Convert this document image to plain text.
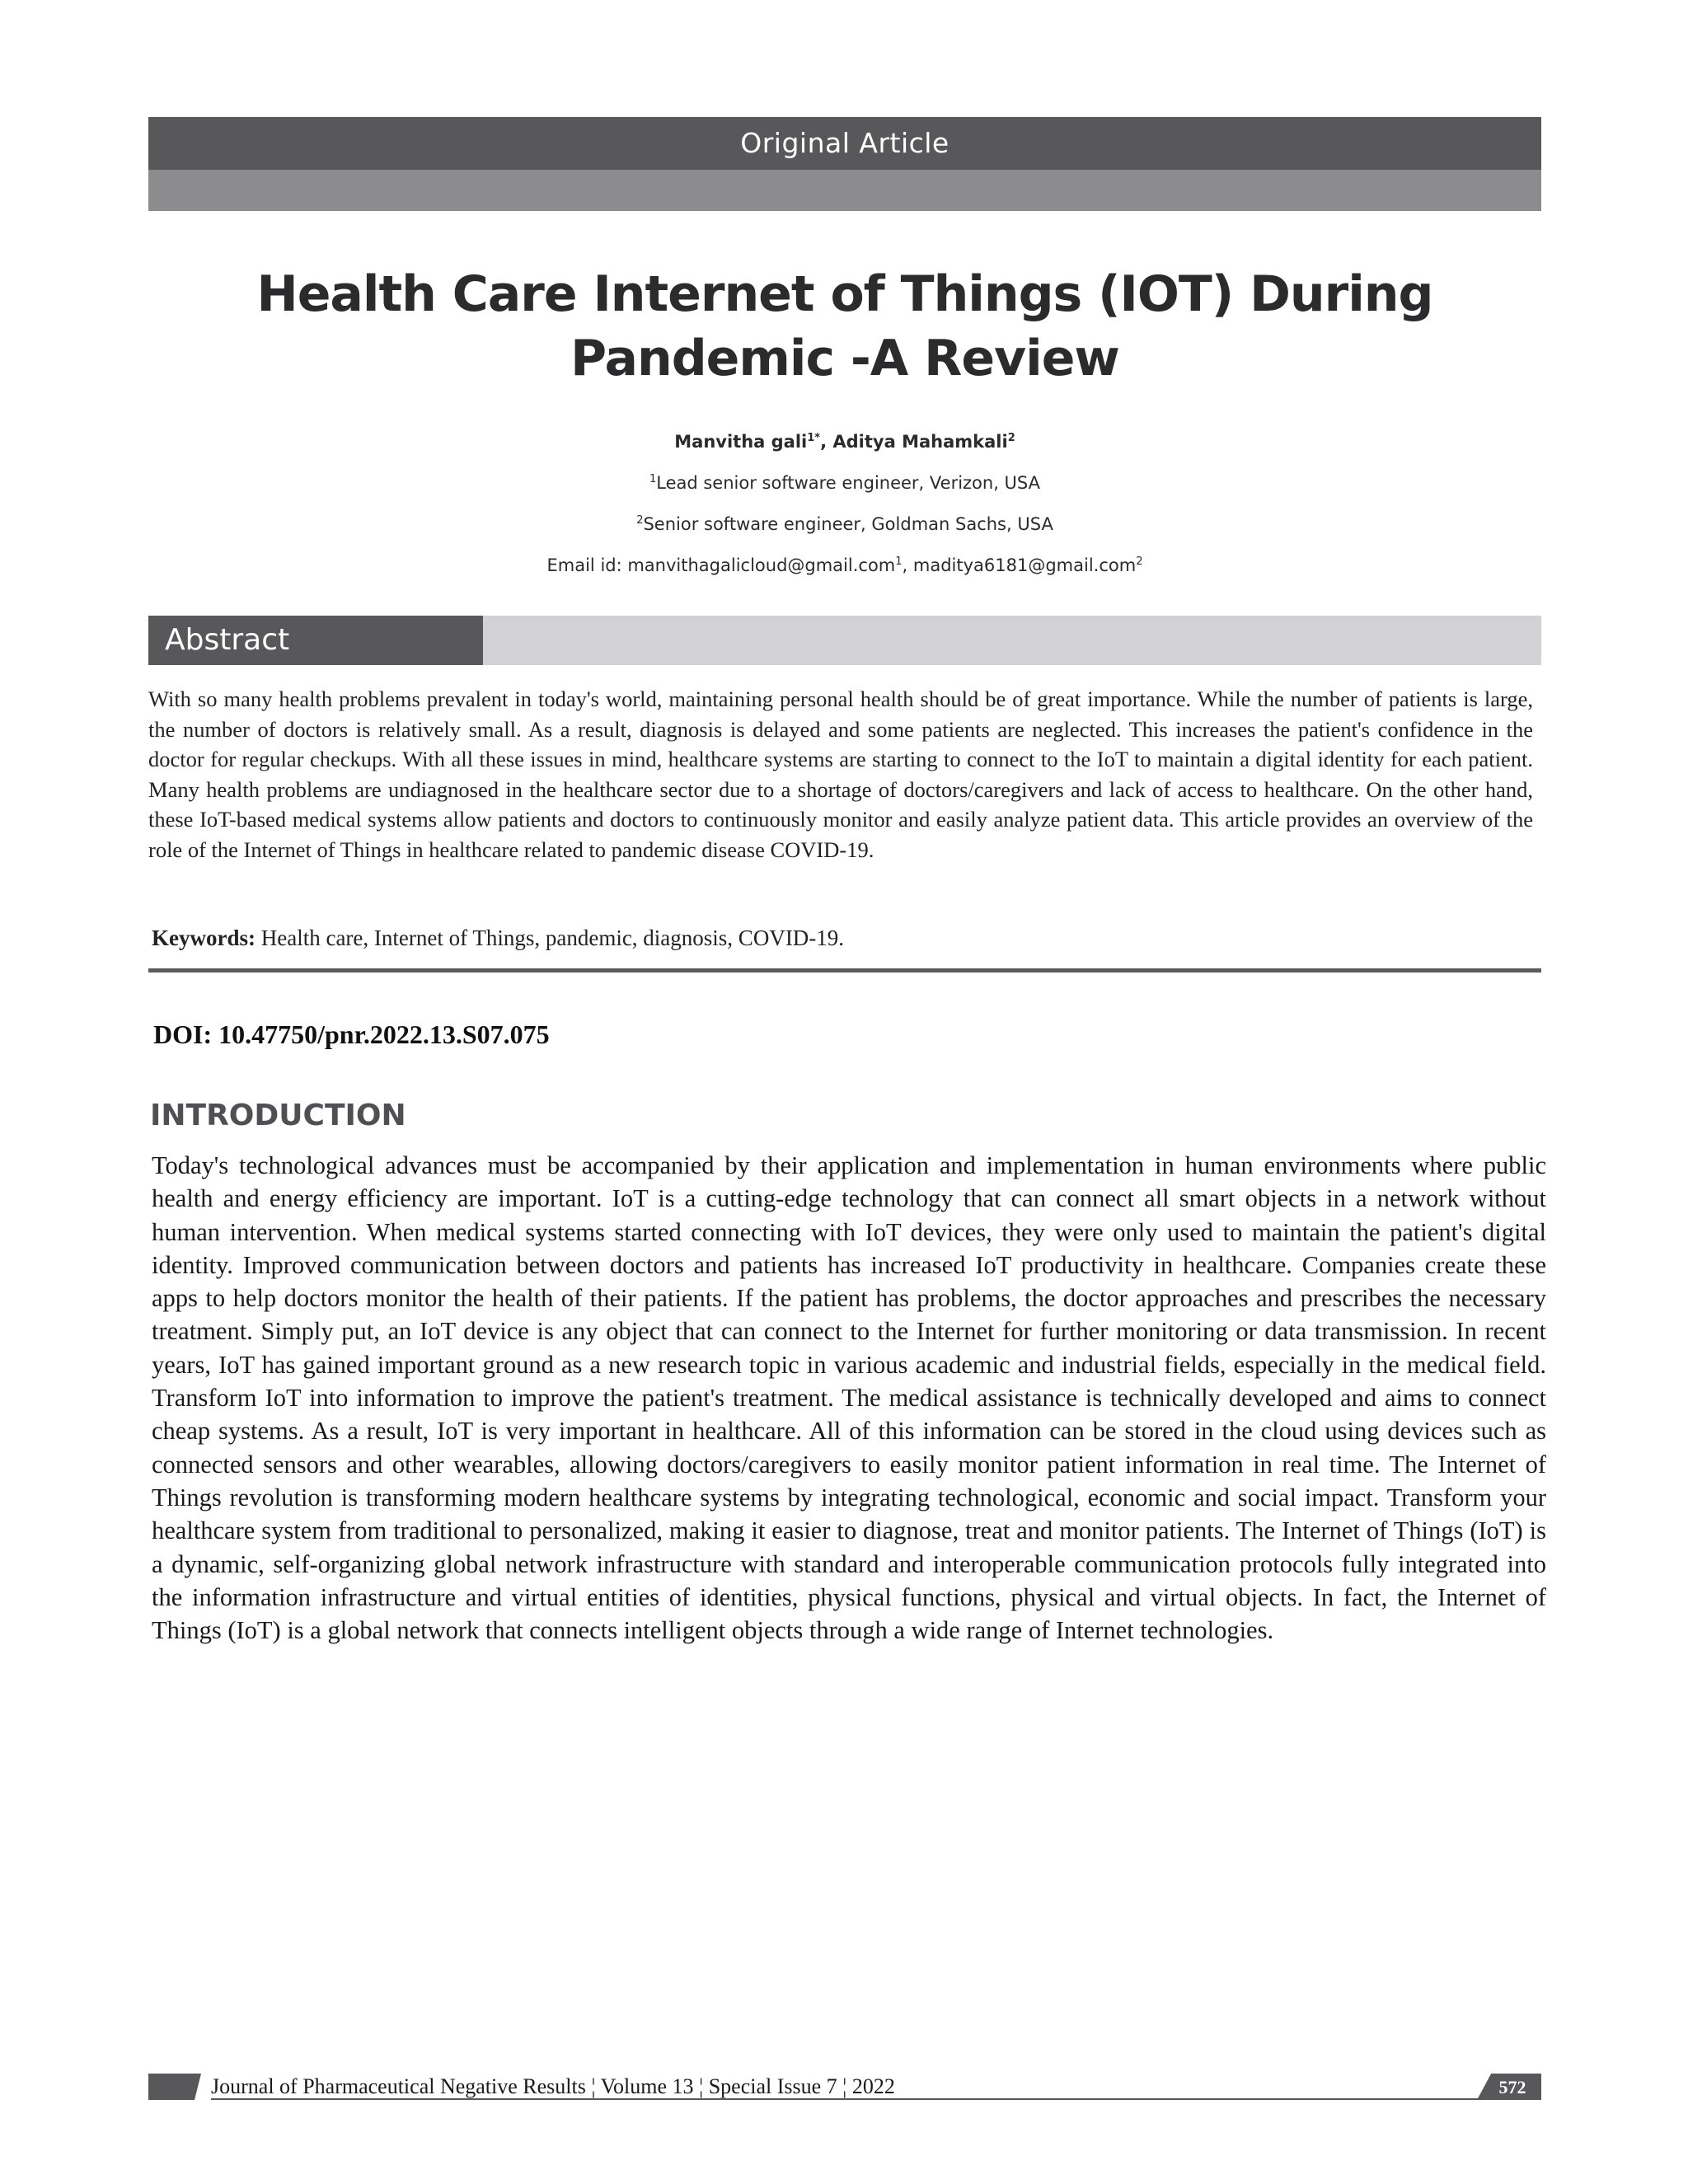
Original Article
Health Care Internet of Things (IOT) During Pandemic -A Review
Manvitha gali$^{1*}$, Aditya Mahamkali$^2$
$^1$Lead senior software engineer, Verizon, USA
$^2$Senior software engineer, Goldman Sachs, USA
Email id: manvithagalicloud@gmail.com$^1$, maditya6181@gmail.com$^2$
Abstract
With so many health problems prevalent in today's world, maintaining personal health should be of great importance. While the number of patients is large, the number of doctors is relatively small. As a result, diagnosis is delayed and some patients are neglected. This increases the patient's confidence in the doctor for regular checkups. With all these issues in mind, healthcare systems are starting to connect to the IoT to maintain a digital identity for each patient. Many health problems are undiagnosed in the healthcare sector due to a shortage of doctors/caregivers and lack of access to healthcare. On the other hand, these IoT-based medical systems allow patients and doctors to continuously monitor and easily analyze patient data. This article provides an overview of the role of the Internet of Things in healthcare related to pandemic disease COVID-19.
Keywords: Health care, Internet of Things, pandemic, diagnosis, COVID-19.
DOI: 10.47750/pnr.2022.13.S07.075
INTRODUCTION
Today's technological advances must be accompanied by their application and implementation in human environments where public health and energy efficiency are important. IoT is a cutting-edge technology that can connect all smart objects in a network without human intervention. When medical systems started connecting with IoT devices, they were only used to maintain the patient's digital identity. Improved communication between doctors and patients has increased IoT productivity in healthcare. Companies create these apps to help doctors monitor the health of their patients. If the patient has problems, the doctor approaches and prescribes the necessary treatment. Simply put, an IoT device is any object that can connect to the Internet for further monitoring or data transmission. In recent years, IoT has gained important ground as a new research topic in various academic and industrial fields, especially in the medical field. Transform IoT into information to improve the patient's treatment. The medical assistance is technically developed and aims to connect cheap systems. As a result, IoT is very important in healthcare. All of this information can be stored in the cloud using devices such as connected sensors and other wearables, allowing doctors/caregivers to easily monitor patient information in real time. The Internet of Things revolution is transforming modern healthcare systems by integrating technological, economic and social impact. Transform your healthcare system from traditional to personalized, making it easier to diagnose, treat and monitor patients. The Internet of Things (IoT) is a dynamic, self-organizing global network infrastructure with standard and interoperable communication protocols fully integrated into the information infrastructure and virtual entities of identities, physical functions, physical and virtual objects. In fact, the Internet of Things (IoT) is a global network that connects intelligent objects through a wide range of Internet technologies.
Journal of Pharmaceutical Negative Results ¦ Volume 13 ¦ Special Issue 7 ¦ 2022	572
